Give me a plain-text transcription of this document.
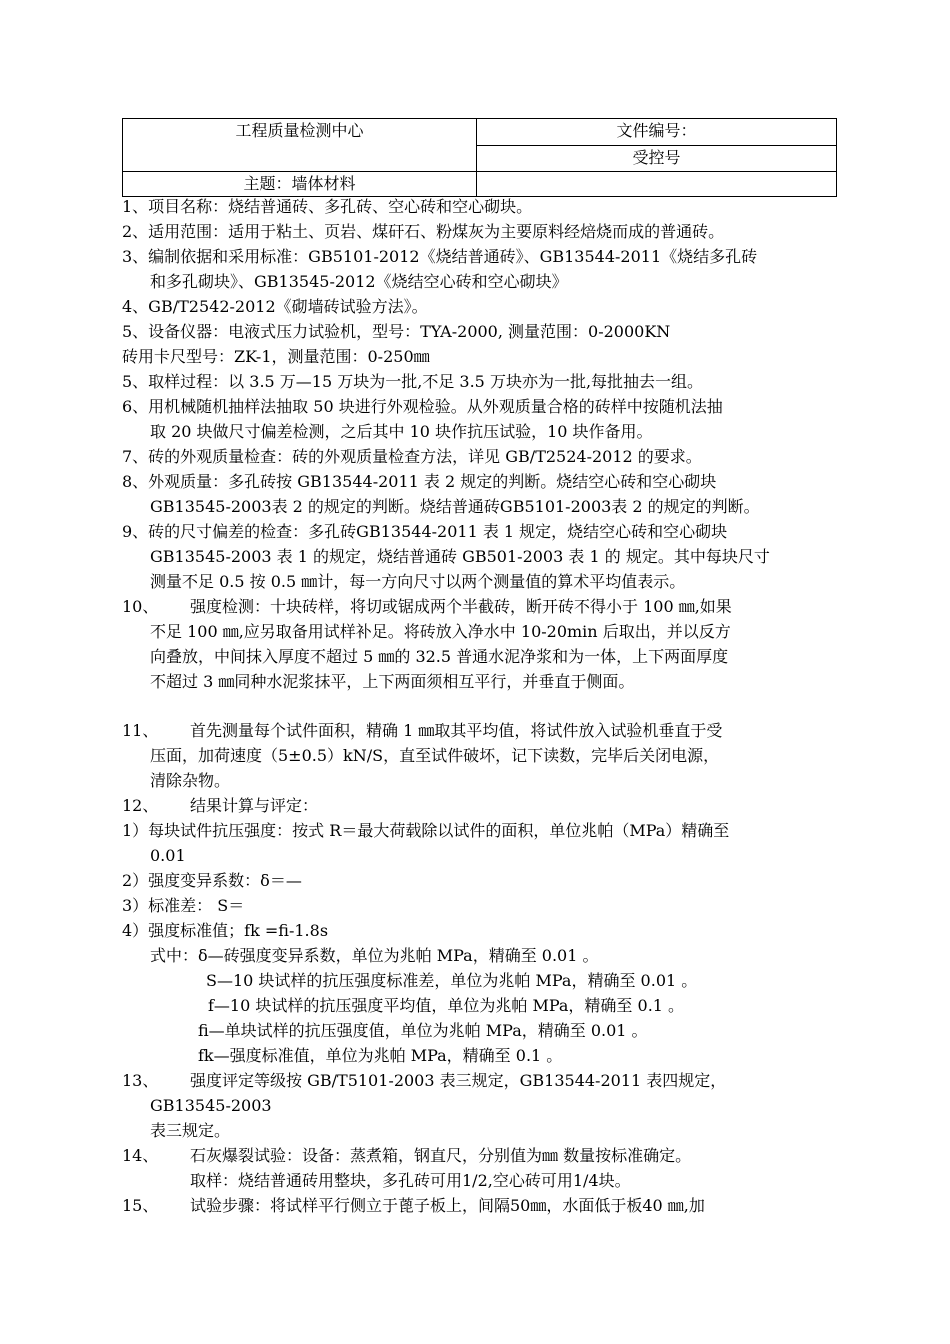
工程质量检测中心	文件编号：
	受控号
主题：墙体材料	
1、项目名称：烧结普通砖、多孔砖、空心砖和空心砌块。
2、适用范围：适用于粘土、页岩、煤矸石、粉煤灰为主要原料经焙烧而成的普通砖。
3、编制依据和采用标准：GB5101-2012《烧结普通砖》、GB13544-2011《烧结多孔砖
和多孔砌块》、GB13545-2012《烧结空心砖和空心砌块》
4、GB/T2542-2012《砌墙砖试验方法》。
5、设备仪器：电液式压力试验机，型号：TYA-2000, 测量范围：0-2000KN
砖用卡尺型号：ZK-1，测量范围：0-250㎜
5、取样过程：以 3.5 万—15 万块为一批,不足 3.5 万块亦为一批,每批抽去一组。
6、用机械随机抽样法抽取 50 块进行外观检验。从外观质量合格的砖样中按随机法抽
取 20 块做尺寸偏差检测，之后其中 10 块作抗压试验，10 块作备用。
7、砖的外观质量检查：砖的外观质量检查方法，详见 GB/T2524-2012 的要求。
8、外观质量：多孔砖按 GB13544-2011 表 2 规定的判断。烧结空心砖和空心砌块
GB13545-2003表 2 的规定的判断。烧结普通砖GB5101-2003表 2 的规定的判断。
9、砖的尺寸偏差的检查：多孔砖GB13544-2011 表 1 规定，烧结空心砖和空心砌块
GB13545-2003 表 1 的规定，烧结普通砖 GB501-2003 表 1 的 规定。其中每块尺寸
测量不足 0.5 按 0.5 ㎜计，每一方向尺寸以两个测量值的算术平均值表示。
10、 强度检测：十块砖样，将切或锯成两个半截砖，断开砖不得小于 100 ㎜,如果
不足 100 ㎜,应另取备用试样补足。将砖放入净水中 10-20min 后取出，并以反方
向叠放，中间抹入厚度不超过 5 ㎜的 32.5 普通水泥净浆和为一体，上下两面厚度
不超过 3 ㎜同种水泥浆抹平，上下两面须相互平行，并垂直于侧面。
11、 首先测量每个试件面积，精确 1 ㎜取其平均值，将试件放入试验机垂直于受
压面，加荷速度（5±0.5）kN/S，直至试件破坏，记下读数，完毕后关闭电源，
清除杂物。
12、 结果计算与评定：
1）每块试件抗压强度：按式 R＝最大荷载除以试件的面积，单位兆帕（MPa）精确至
0.01
2）强度变异系数：δ＝—
3）标准差： S＝
4）强度标准值；fk =fi-1.8s
式中：δ—砖强度变异系数，单位为兆帕 MPa，精确至 0.01 。
S—10 块试样的抗压强度标准差，单位为兆帕 MPa，精确至 0.01 。
f—10 块试样的抗压强度平均值，单位为兆帕 MPa，精确至 0.1 。
fi—单块试样的抗压强度值，单位为兆帕 MPa，精确至 0.01 。
fk—强度标准值，单位为兆帕 MPa，精确至 0.1 。
13、 强度评定等级按 GB/T5101-2003 表三规定，GB13544-2011 表四规定，
GB13545-2003
表三规定。
14、 石灰爆裂试验：设备：蒸煮箱，钢直尺，分别值为㎜ 数量按标准确定。
取样：烧结普通砖用整块，多孔砖可用1/2,空心砖可用1/4块。
15、 试验步骤：将试样平行侧立于蓖子板上，间隔50㎜，水面低于板40 ㎜,加
